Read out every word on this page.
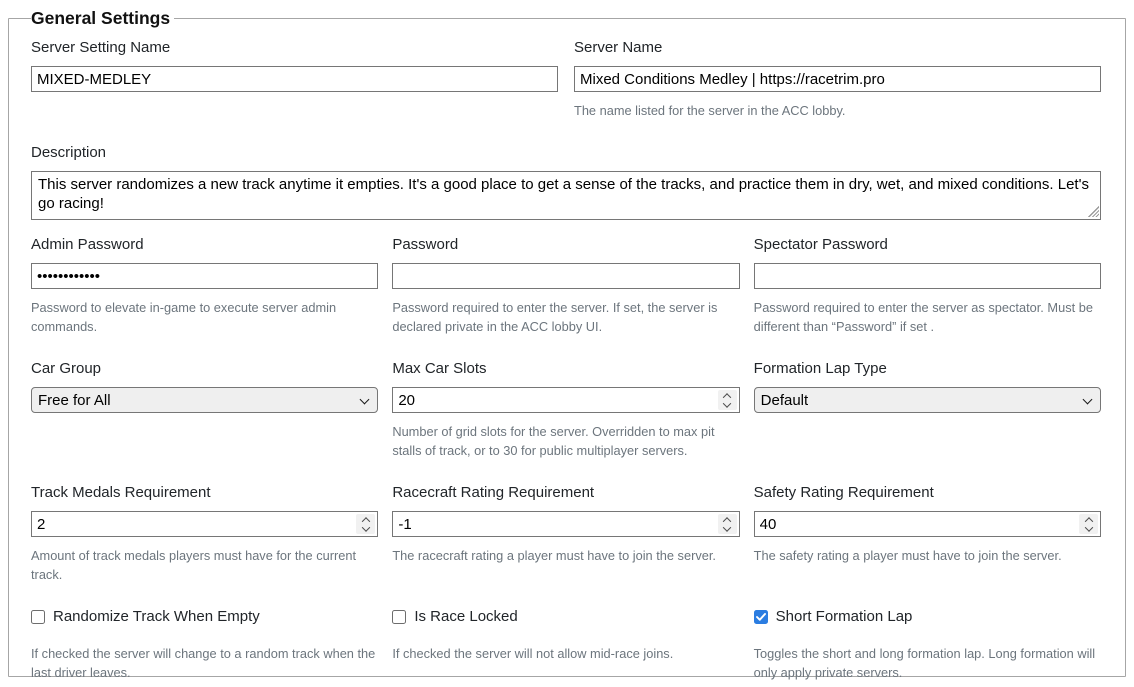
General Settings
Server Setting Name
MIXED-MEDLEY	Server Name
Mixed Conditions Medley | https://racetrim.pro
The name listed for the server in the ACC lobby.
Description
This server randomizes a new track anytime it empties. It's a good place to get a sense of the tracks, and practice them in dry, wet, and mixed conditions. Let's go racing!
Admin Password
••••••••••••
Password to elevate in-game to execute server admin commands.
Password
Password required to enter the server. If set, the server is declared private in the ACC lobby UI.
Spectator Password
Password required to enter the server as spectator. Must be different than “Password” if set .
Car Group
Free for All
Max Car Slots
20
Number of grid slots for the server. Overridden to max pit stalls of track, or to 30 for public multiplayer servers.
Formation Lap Type
Default
Track Medals Requirement
2
Amount of track medals players must have for the current track.
Racecraft Rating Requirement
-1
The racecraft rating a player must have to join the server.
Safety Rating Requirement
40
The safety rating a player must have to join the server.
Randomize Track When Empty
If checked the server will change to a random track when the last driver leaves.
Is Race Locked
If checked the server will not allow mid-race joins.
Short Formation Lap
Toggles the short and long formation lap. Long formation will only apply private servers.
